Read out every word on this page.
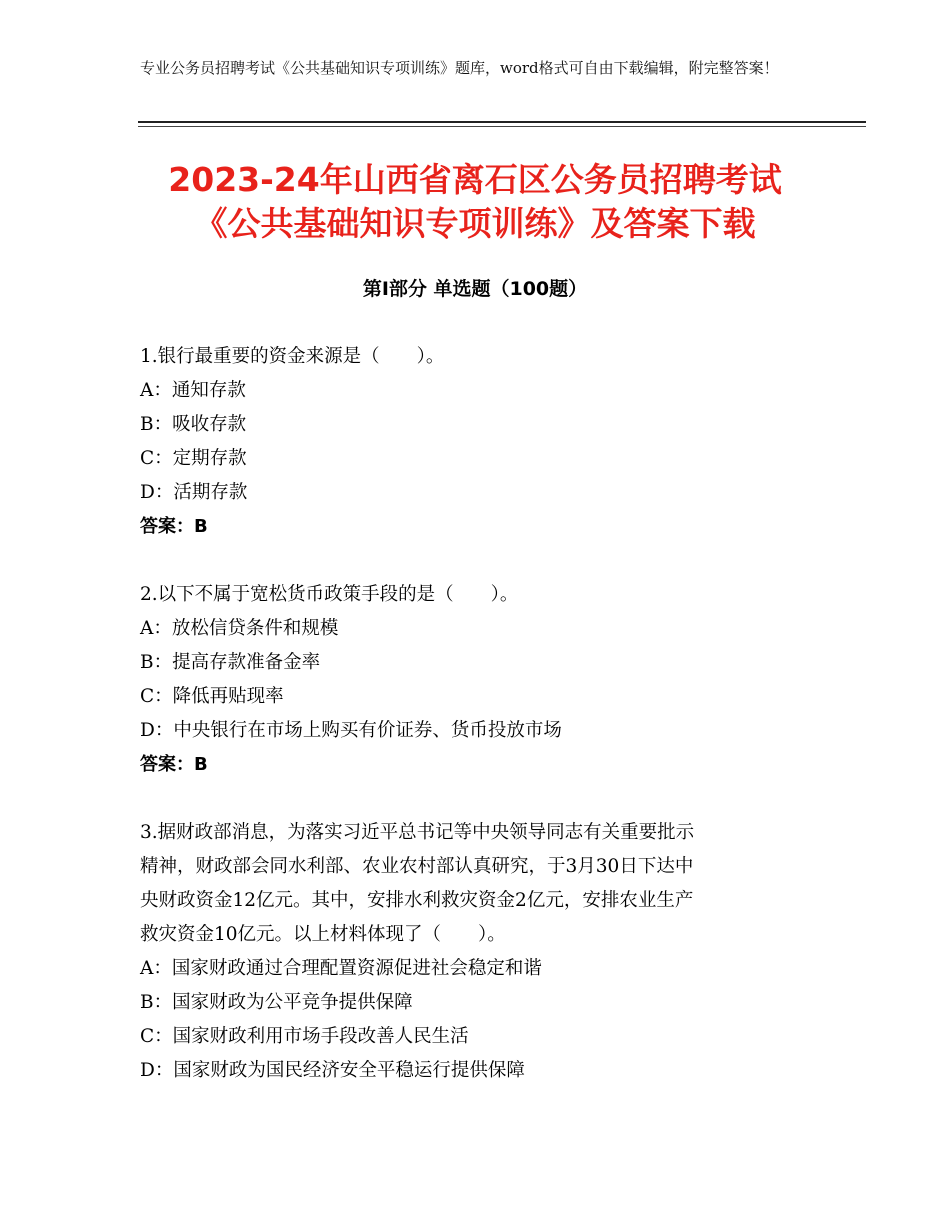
专业公务员招聘考试《公共基础知识专项训练》题库，word格式可自由下载编辑，附完整答案！
2023-24年山西省离石区公务员招聘考试
《公共基础知识专项训练》及答案下载
第Ⅰ部分 单选题（100题）

1.银行最重要的资金来源是（　　）。

A：通知存款

B：吸收存款

C：定期存款

D：活期存款

答案：B

2.以下不属于宽松货币政策手段的是（　　）。

A：放松信贷条件和规模

B：提高存款准备金率

C：降低再贴现率

D：中央银行在市场上购买有价证券、货币投放市场

答案：B

3.据财政部消息，为落实习近平总书记等中央领导同志有关重要批示

精神，财政部会同水利部、农业农村部认真研究，于3月30日下达中

央财政资金12亿元。其中，安排水利救灾资金2亿元，安排农业生产

救灾资金10亿元。以上材料体现了（　　）。

A：国家财政通过合理配置资源促进社会稳定和谐

B：国家财政为公平竞争提供保障

C：国家财政利用市场手段改善人民生活

D：国家财政为国民经济安全平稳运行提供保障
